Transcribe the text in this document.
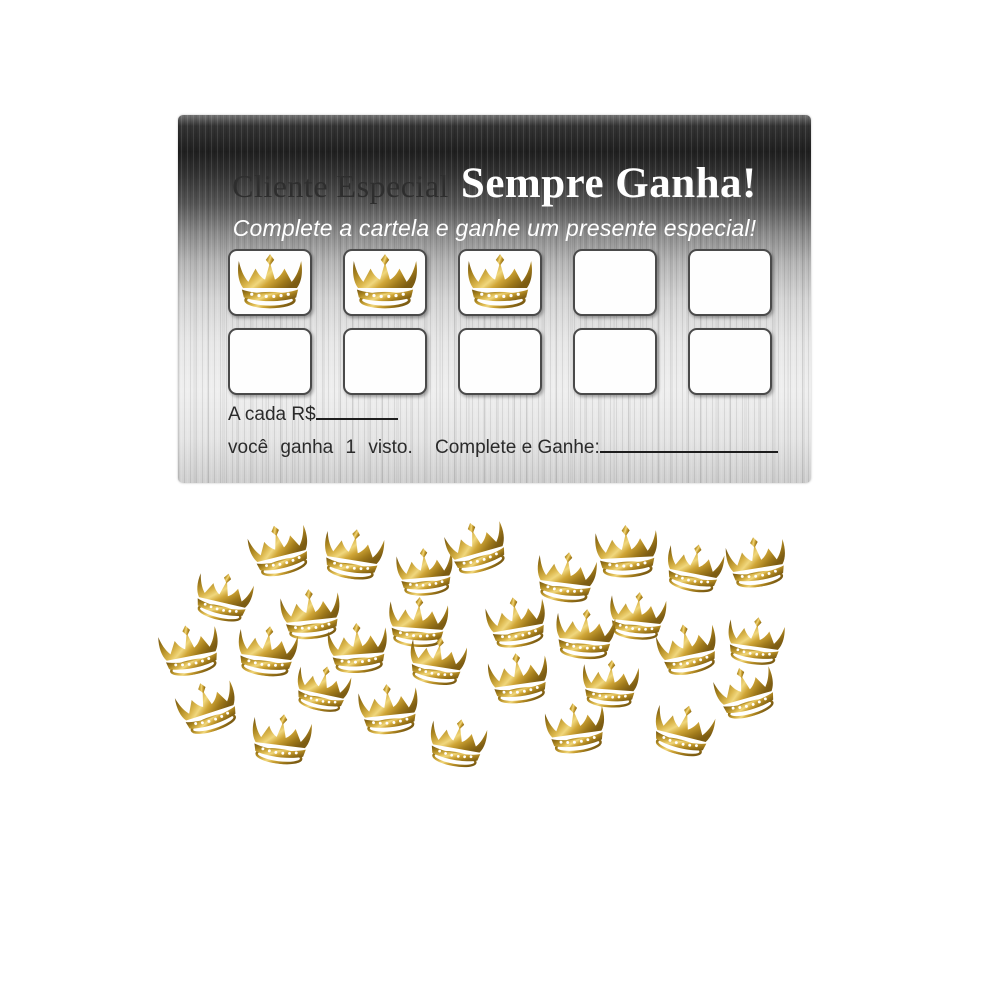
Cliente Especial Sempre Ganha!
Complete a cartela e ganhe um presente especial!
A cada R$
você ganha 1 visto. Complete e Ganhe:
